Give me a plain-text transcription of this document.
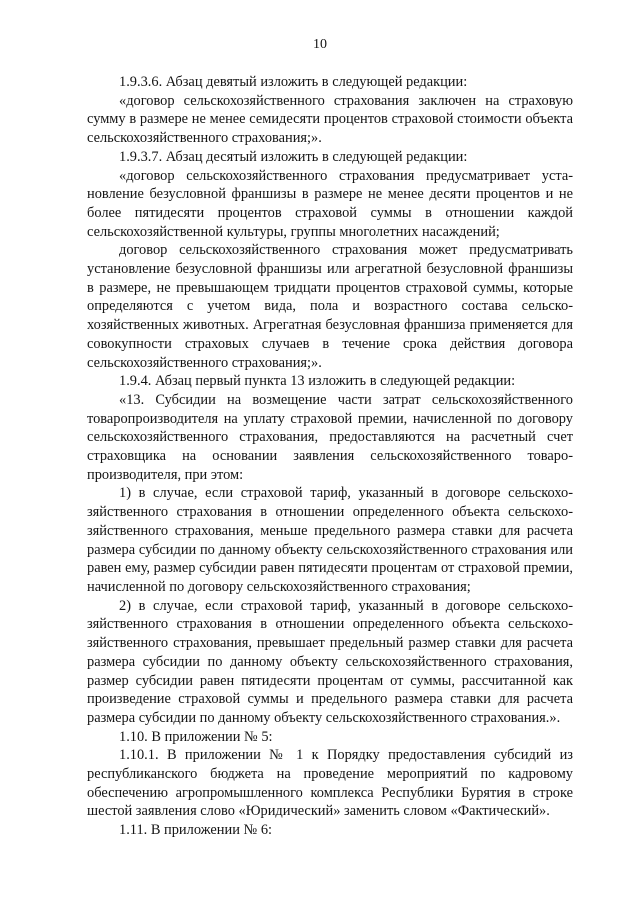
10

1.9.3.6. Абзац девятый изложить в следующей редакции:

«договор сельскохозяйственного страхования заключен на страховую сумму в размере не менее семидесяти процентов страховой стоимости объекта сельскохозяйственного страхования;».

1.9.3.7. Абзац десятый изложить в следующей редакции:

«договор сельскохозяйственного страхования предусматривает установление безусловной франшизы в размере не менее десяти процентов и не более пятидесяти процентов страховой суммы в отношении каждой сельскохозяйственной культуры, группы многолетних насаждений;

договор сельскохозяйственного страхования может предусматривать установление безусловной франшизы или агрегатной безусловной франшизы в размере, не превышающем тридцати процентов страховой суммы, которые определяются с учетом вида, пола и возрастного состава сельскохозяйственных животных. Агрегатная безусловная франшиза применяется для совокупности страховых случаев в течение срока действия договора сельскохозяйственного страхования;».

1.9.4. Абзац первый пункта 13 изложить в следующей редакции:

«13. Субсидии на возмещение части затрат сельскохозяйственного товаропроизводителя на уплату страховой премии, начисленной по договору сельскохозяйственного страхования, предоставляются на расчетный счет страховщика на основании заявления сельскохозяйственного товаропроизводителя, при этом:

1) в случае, если страховой тариф, указанный в договоре сельскохозяйственного страхования в отношении определенного объекта сельскохозяйственного страхования, меньше предельного размера ставки для расчета размера субсидии по данному объекту сельскохозяйственного страхования или равен ему, размер субсидии равен пятидесяти процентам от страховой премии, начисленной по договору сельскохозяйственного страхования;

2) в случае, если страховой тариф, указанный в договоре сельскохозяйственного страхования в отношении определенного объекта сельскохозяйственного страхования, превышает предельный размер ставки для расчета размера субсидии по данному объекту сельскохозяйственного страхования, размер субсидии равен пятидесяти процентам от суммы, рассчитанной как произведение страховой суммы и предельного размера ставки для расчета размера субсидии по данному объекту сельскохозяйственного страхования.».

1.10. В приложении № 5:

1.10.1. В приложении № 1 к Порядку предоставления субсидий из республиканского бюджета на проведение мероприятий по кадровому обеспечению агропромышленного комплекса Республики Бурятия в строке шестой заявления слово «Юридический» заменить словом «Фактический».

1.11. В приложении № 6:
